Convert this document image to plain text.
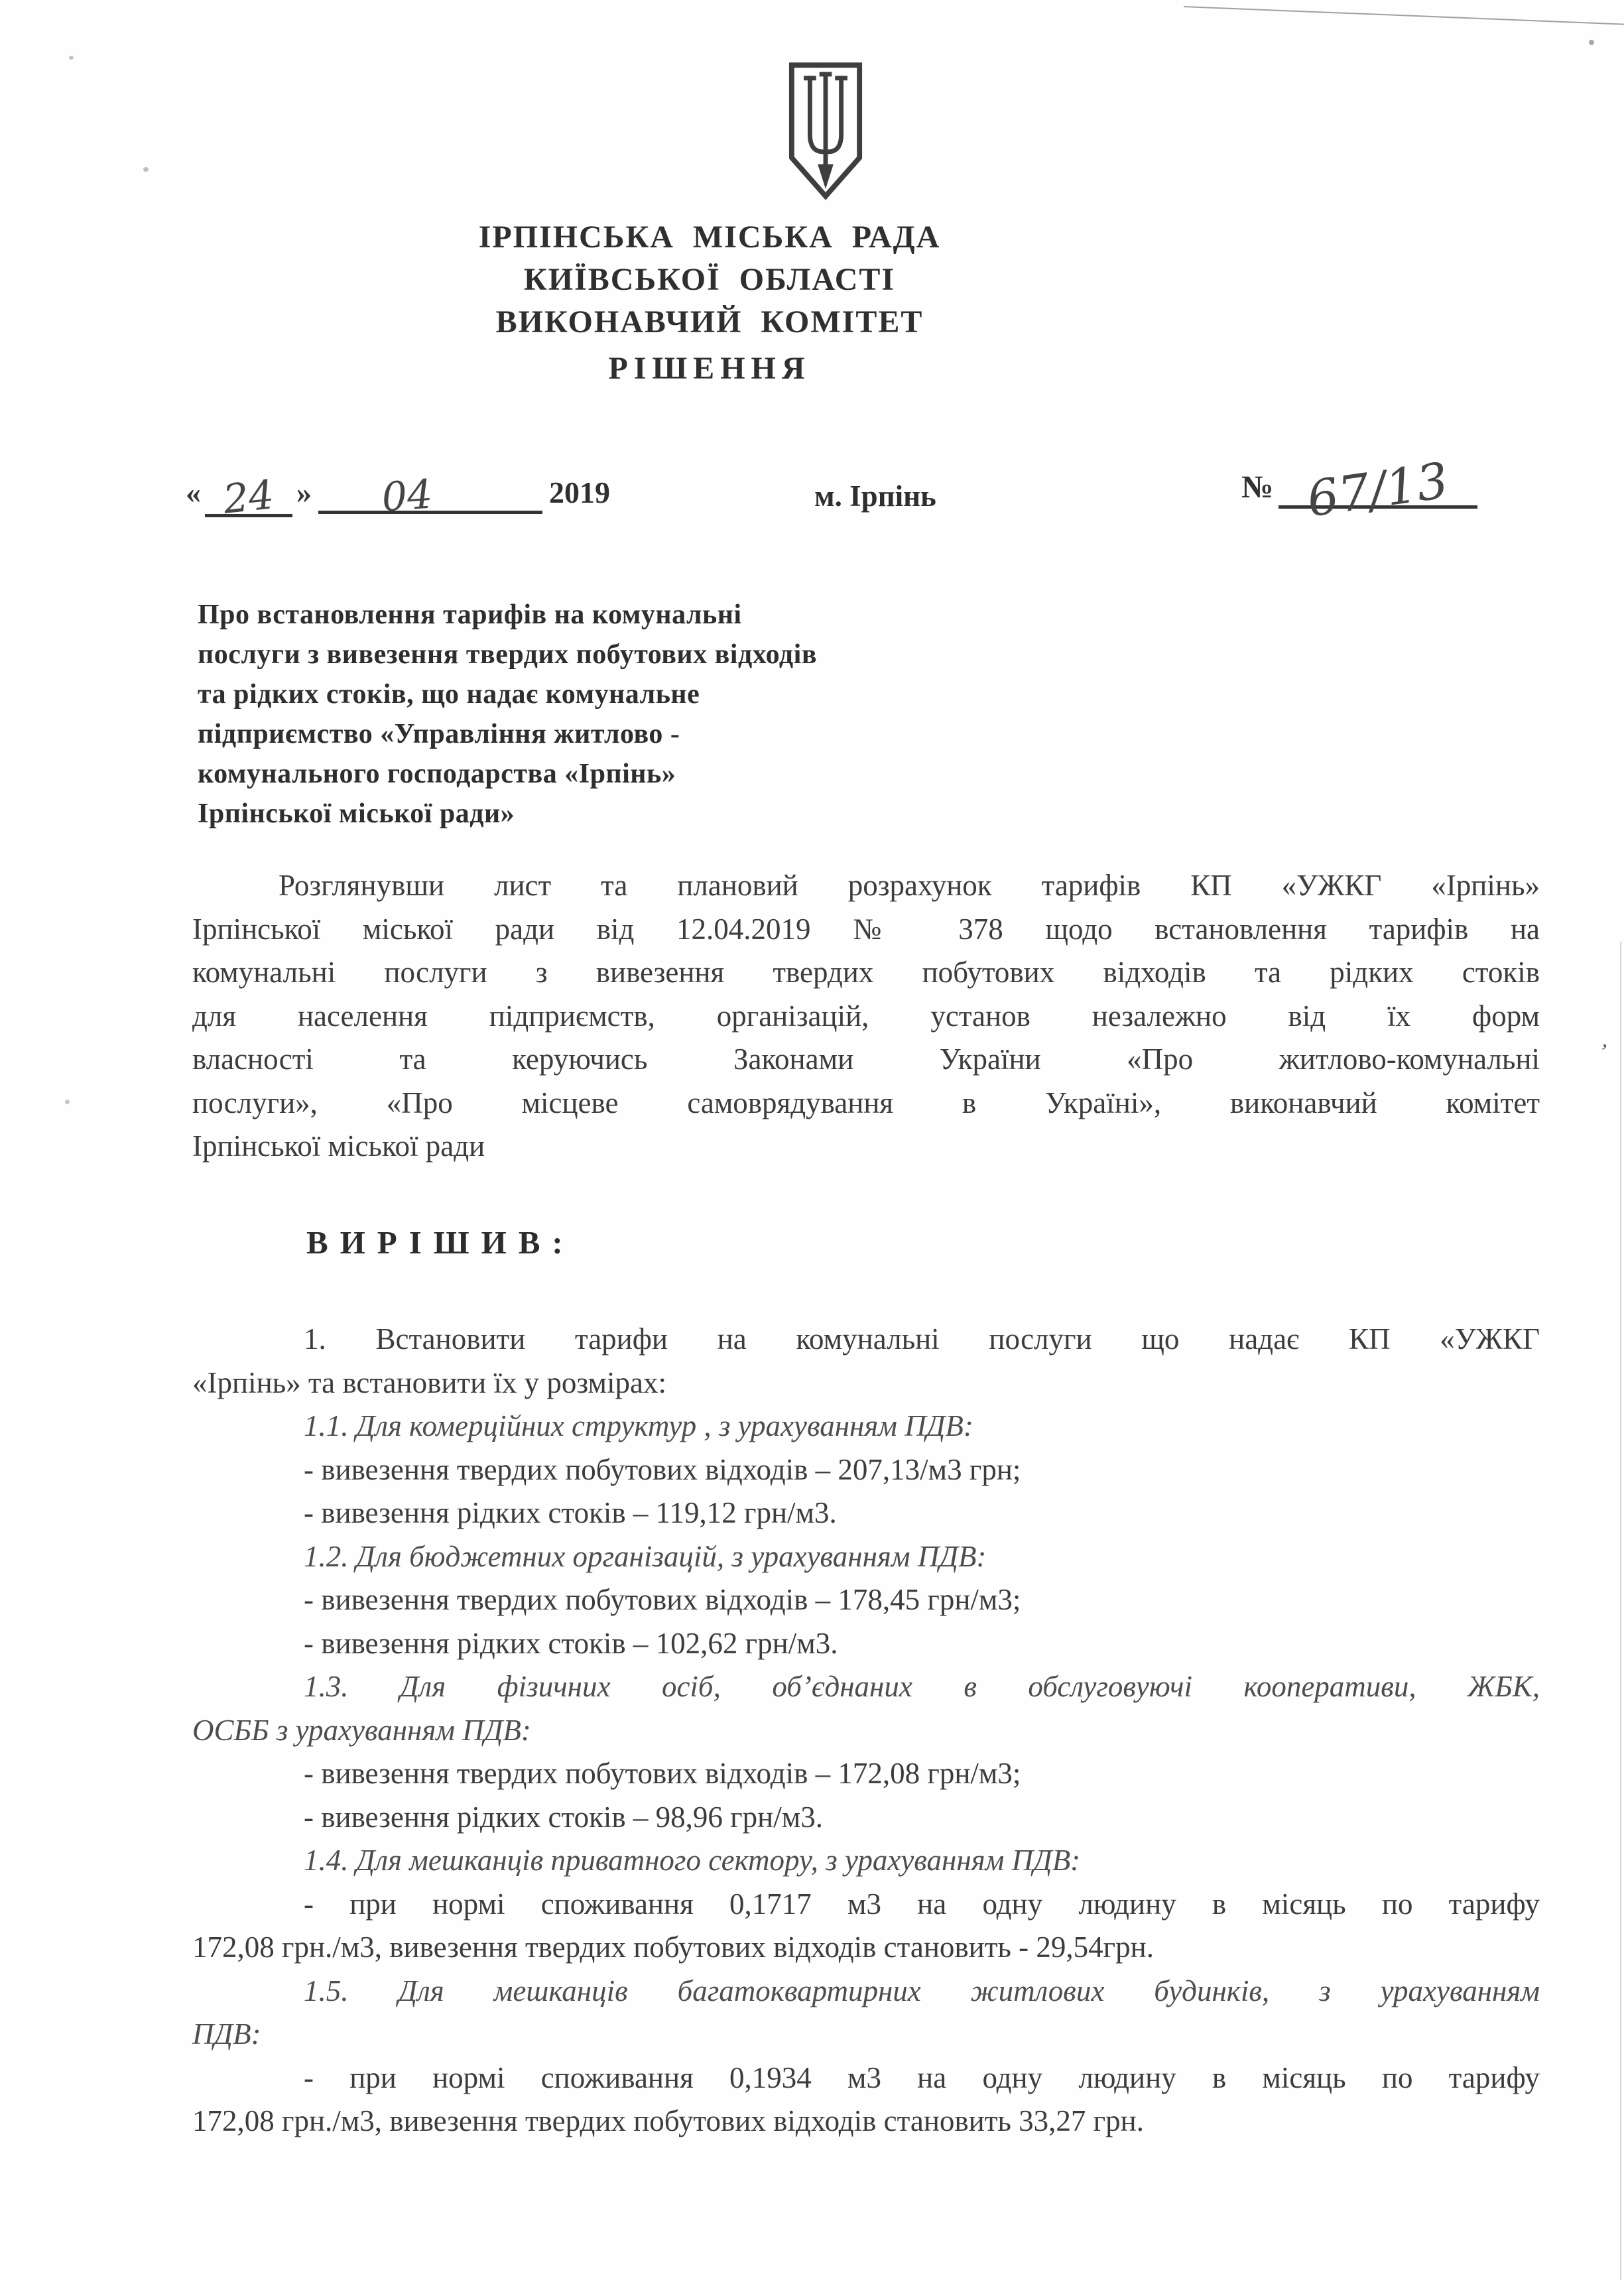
’
ІРПІНСЬКА МІСЬКА РАДА
КИЇВСЬКОЇ ОБЛАСТІ
ВИКОНАВЧИЙ КОМІТЕТ
РІШЕННЯ
« 24 » 04	2019	м. Ірпінь	№ 67/13
Про встановлення тарифів на комунальні
послуги з вивезення твердих побутових відходів
та рідких стоків, що надає комунальне
підприємство «Управління житлово -
комунального господарства «Ірпінь»
Ірпінської міської ради»
Розглянувши лист та плановий розрахунок тарифів КП «УЖКГ «Ірпінь»
Ірпінської міської ради від 12.04.2019 № 378 щодо встановлення тарифів на
комунальні послуги з вивезення твердих побутових відходів та рідких стоків
для населення підприємств, організацій, установ незалежно від їх форм
власності та керуючись Законами України «Про житлово-комунальні
послуги», «Про місцеве самоврядування в Україні», виконавчий комітет
Ірпінської міської ради
ВИРІШИВ:
1. Встановити тарифи на комунальні послуги що надає КП «УЖКГ
«Ірпінь» та встановити їх у розмірах:
1.1. Для комерційних структур , з урахуванням ПДВ:
- вивезення твердих побутових відходів – 207,13/м3 грн;
- вивезення рідких стоків – 119,12 грн/м3.
1.2. Для бюджетних організацій, з урахуванням ПДВ:
- вивезення твердих побутових відходів – 178,45 грн/м3;
- вивезення рідких стоків – 102,62 грн/м3.
1.3. Для фізичних осіб, об’єднаних в обслуговуючі кооперативи, ЖБК,
ОСББ з урахуванням ПДВ:
- вивезення твердих побутових відходів – 172,08 грн/м3;
- вивезення рідких стоків – 98,96 грн/м3.
1.4. Для мешканців приватного сектору, з урахуванням ПДВ:
- при нормі споживання 0,1717 м3 на одну людину в місяць по тарифу
172,08 грн./м3, вивезення твердих побутових відходів становить - 29,54грн.
1.5. Для мешканців багатоквартирних житлових будинків, з урахуванням
ПДВ:
- при нормі споживання 0,1934 м3 на одну людину в місяць по тарифу
172,08 грн./м3, вивезення твердих побутових відходів становить 33,27 грн.
